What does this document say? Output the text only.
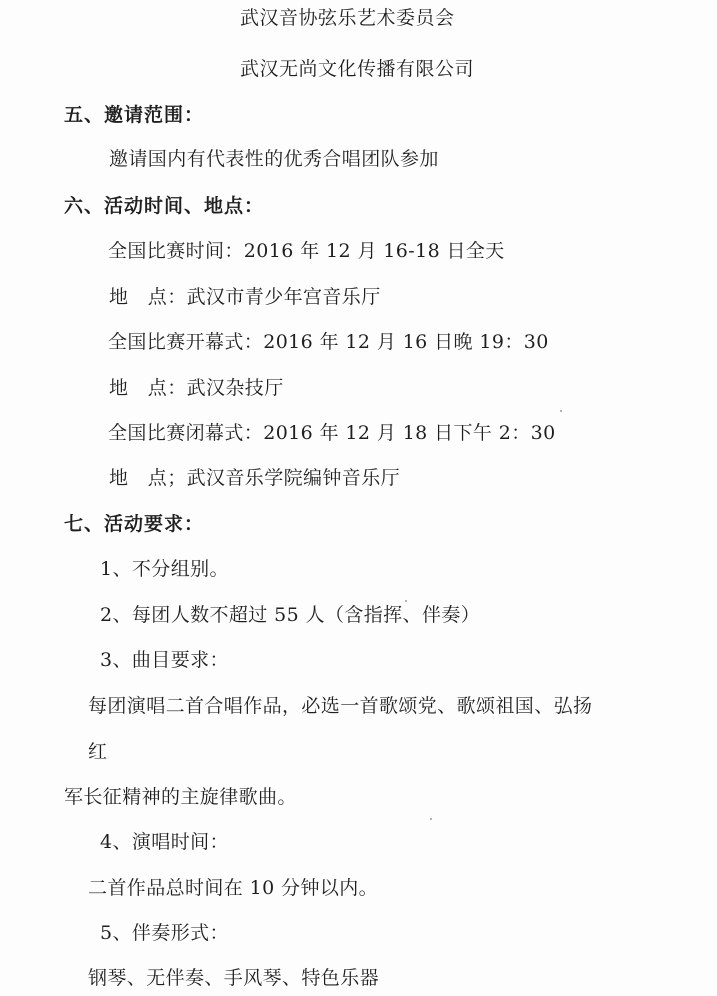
武汉音协弦乐艺术委员会
武汉无尚文化传播有限公司
五、邀请范围：
邀请国内有代表性的优秀合唱团队参加
六、活动时间、地点：
全国比赛时间：2016 年 12 月 16-18 日全天
地　点：武汉市青少年宫音乐厅
全国比赛开幕式：2016 年 12 月 16 日晚 19：30
地　点：武汉杂技厅
全国比赛闭幕式：2016 年 12 月 18 日下午 2：30
地　点；武汉音乐学院编钟音乐厅
七、活动要求：
1、不分组别。
2、每团人数不超过 55 人（含指挥、伴奏）
3、曲目要求：
每团演唱二首合唱作品，必选一首歌颂党、歌颂祖国、弘扬
红
军长征精神的主旋律歌曲。
4、演唱时间：
二首作品总时间在 10 分钟以内。
5、伴奏形式：
钢琴、无伴奏、手风琴、特色乐器
